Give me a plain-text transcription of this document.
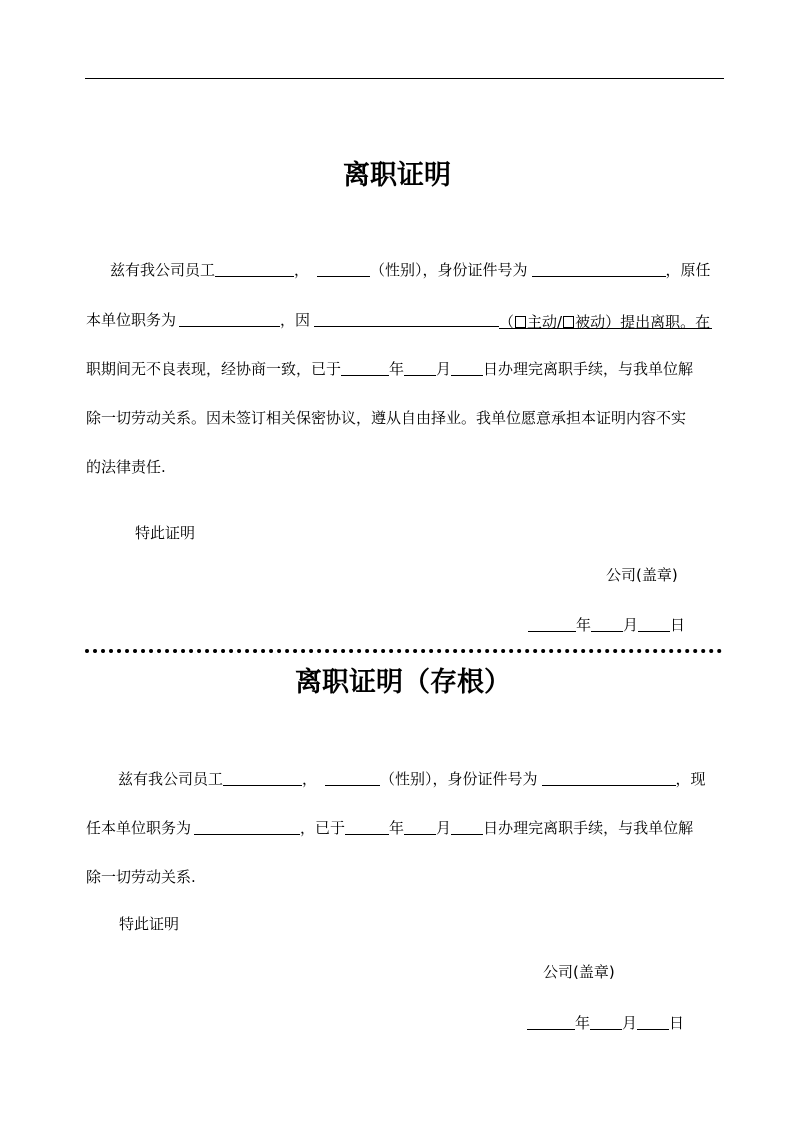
离职证明
兹有我公司员工	，	（性别），身份证件号为	，原任
本单位职务为	，因	（ 主动/ 被动）提出离职。在
职期间无不良表现，经协商一致，已于	年 月 日办理完离职手续，与我单位解
除一切劳动关系。因未签订相关保密协议，遵从自由择业。我单位愿意承担本证明内容不实
的法律责任.
特此证明
公司(盖章)
年 月 日
离职证明（存根）
兹有我公司员工	，	（性别），身份证件号为	，现
任本单位职务为	，已于	年 月 日办理完离职手续，与我单位解
除一切劳动关系.
特此证明
公司(盖章)
年 月 日
